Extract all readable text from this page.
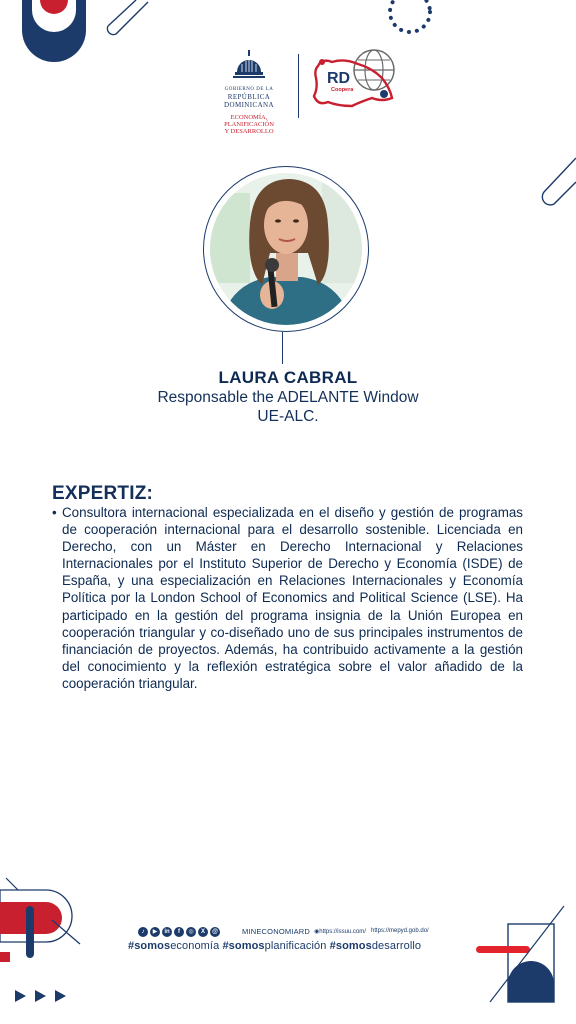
GOBIERNO DE LA
REPÚBLICA DOMINICANA
ECONOMÍA, PLANIFICACIÓN
Y DESARROLLO
RD
Coopera
LAURA CABRAL
Responsable the ADELANTE Window
UE-ALC.
EXPERTIZ:
• Consultora internacional especializada en el diseño y gestión de programas de cooperación internacional para el desarrollo sostenible. Licenciada en Derecho, con un Máster en Derecho Internacional y Relaciones Internacionales por el Instituto Superior de Derecho y Economía (ISDE) de España, y una especialización en Relaciones Internacionales y Economía Política por la London School of Economics and Political Science (LSE). Ha participado en la gestión del programa insignia de la Unión Europea en cooperación triangular y co-diseñado uno de sus principales instrumentos de financiación de proyectos. Además, ha contribuido activamente a la gestión del conocimiento y la reflexión estratégica sobre el valor añadido de la cooperación triangular.
♪	▶	in	f	◎	X	@	MINECONOMIARD ◉https://issuu.com/ https://mepyd.gob.do/
#somoseconomía #somosplanificación #somosdesarrollo
